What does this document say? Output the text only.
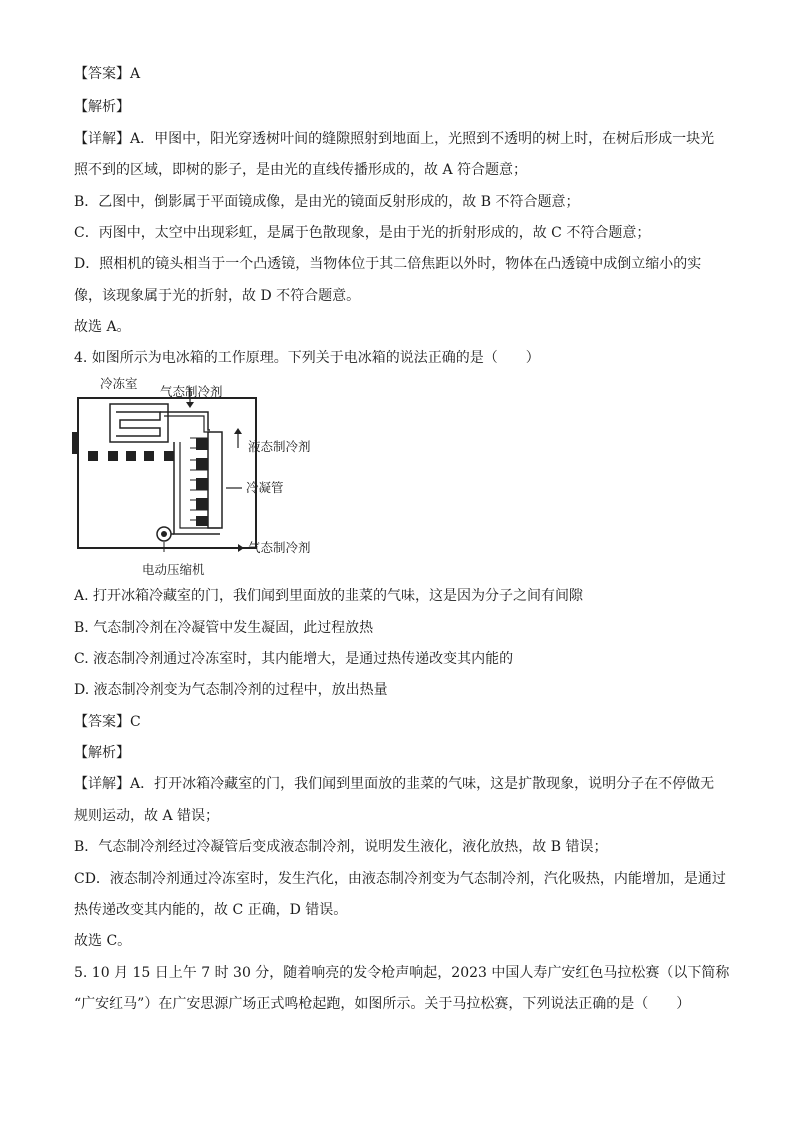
【答案】A
【解析】
【详解】A．甲图中，阳光穿透树叶间的缝隙照射到地面上，光照到不透明的树上时，在树后形成一块光
照不到的区域，即树的影子，是由光的直线传播形成的，故 A 符合题意；
B．乙图中，倒影属于平面镜成像，是由光的镜面反射形成的，故 B 不符合题意；
C．丙图中，太空中出现彩虹，是属于色散现象，是由于光的折射形成的，故 C 不符合题意；
D．照相机的镜头相当于一个凸透镜，当物体位于其二倍焦距以外时，物体在凸透镜中成倒立缩小的实
像，该现象属于光的折射，故 D 不符合题意。
故选 A。
4. 如图所示为电冰箱的工作原理。下列关于电冰箱的说法正确的是（　　）
冷冻室
气态制冷剂
液态制冷剂
冷凝管
气态制冷剂
电动压缩机
A. 打开冰箱冷藏室的门，我们闻到里面放的韭菜的气味，这是因为分子之间有间隙
B. 气态制冷剂在冷凝管中发生凝固，此过程放热
C. 液态制冷剂通过冷冻室时，其内能增大，是通过热传递改变其内能的
D. 液态制冷剂变为气态制冷剂的过程中，放出热量
【答案】C
【解析】
【详解】A．打开冰箱冷藏室的门，我们闻到里面放的韭菜的气味，这是扩散现象，说明分子在不停做无
规则运动，故 A 错误；
B．气态制冷剂经过冷凝管后变成液态制冷剂，说明发生液化，液化放热，故 B 错误；
CD．液态制冷剂通过冷冻室时，发生汽化，由液态制冷剂变为气态制冷剂，汽化吸热，内能增加，是通过
热传递改变其内能的，故 C 正确，D 错误。
故选 C。
5. 10 月 15 日上午 7 时 30 分，随着响亮的发令枪声响起，2023 中国人寿广安红色马拉松赛（以下简称
“广安红马”）在广安思源广场正式鸣枪起跑，如图所示。关于马拉松赛，下列说法正确的是（　　）
